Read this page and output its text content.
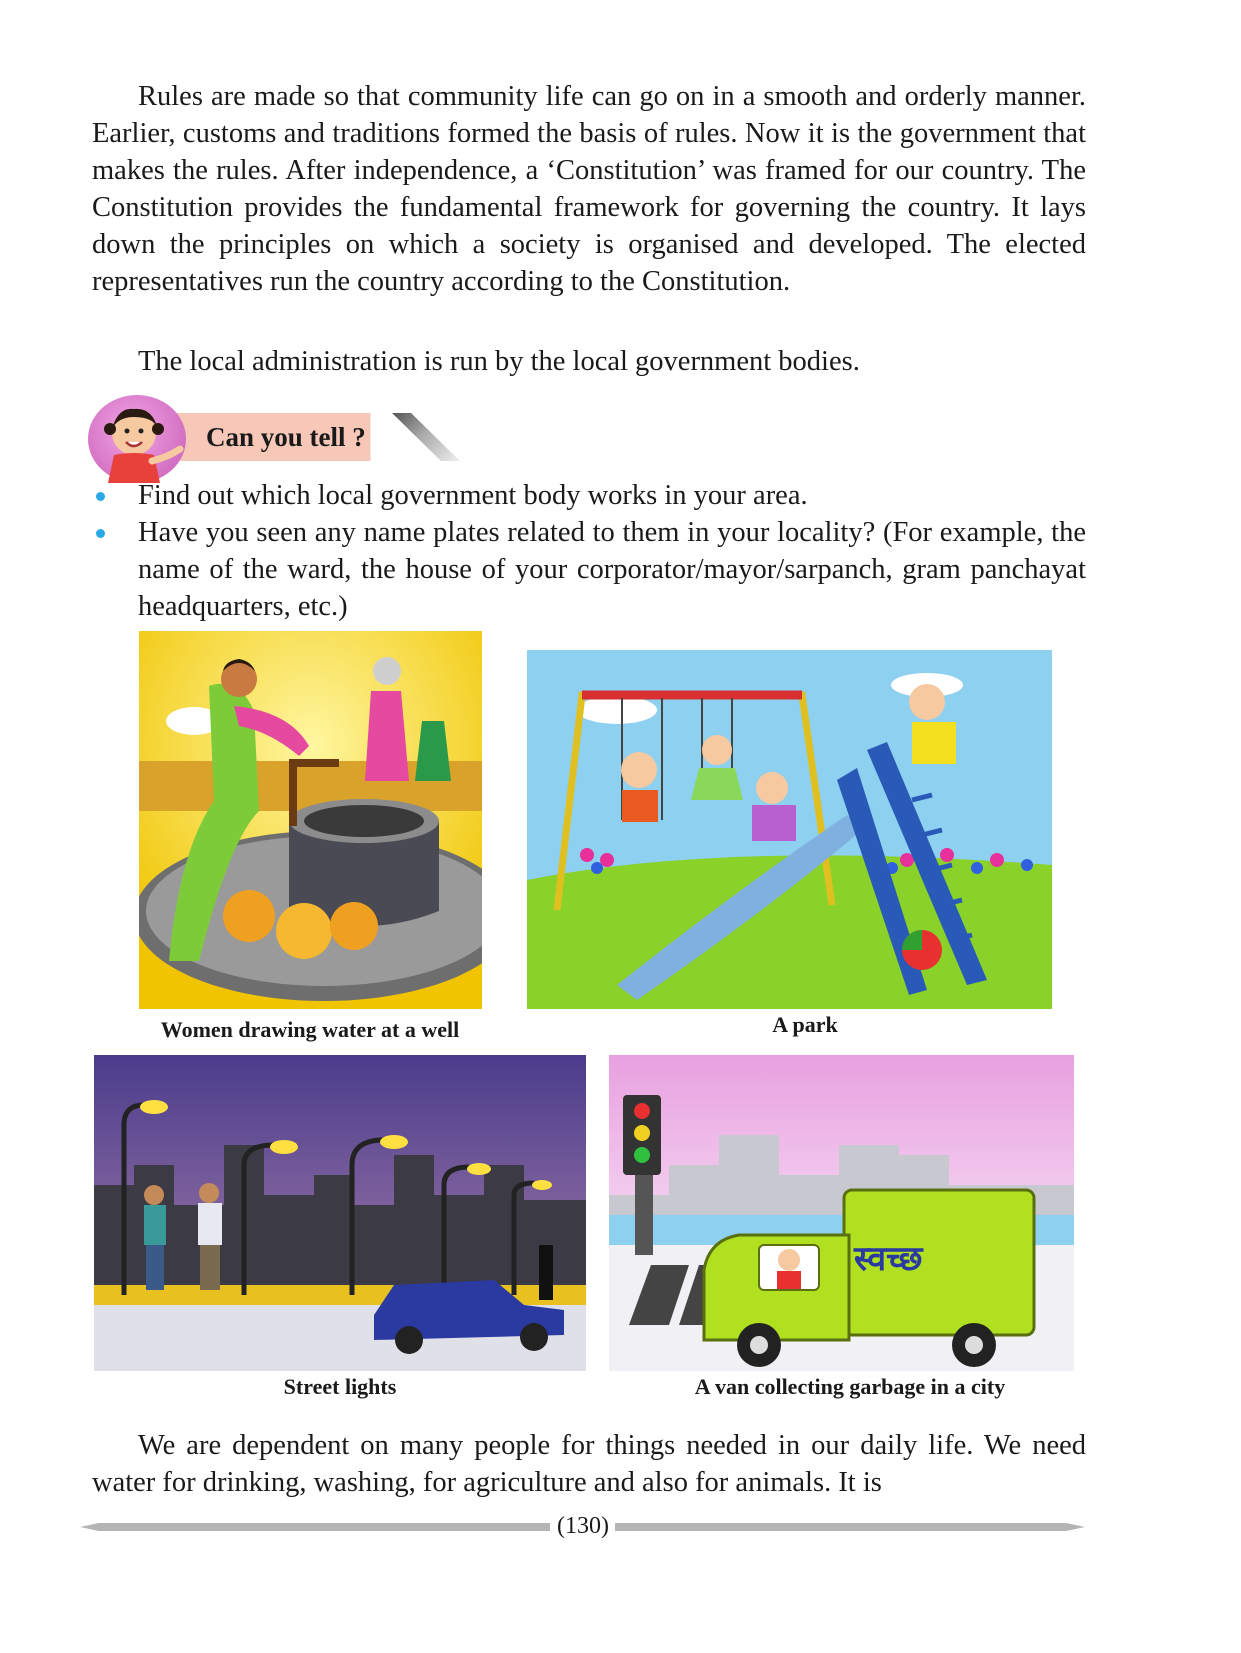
Rules are made so that community life can go on in a smooth and orderly manner. Earlier, customs and traditions formed the basis of rules. Now it is the government that makes the rules. After independence, a ‘Constitution’ was framed for our country. The Constitution provides the fundamental framework for governing the country. It lays down the principles on which a society is organised and developed. The elected representatives run the country according to the Constitution.

The local administration is run by the local government bodies.

Can you tell ?
Find out which local government body works in your area.
Have you seen any name plates related to them in your locality? (For example, the name of the ward, the house of your corporator/mayor/sarpanch, gram panchayat headquarters, etc.)
Women drawing water at a well	A park
Street lights
स्वच्छ
A van collecting garbage in a city

We are dependent on many people for things needed in our daily life. We need water for drinking, washing, for agriculture and also for animals. It is

(130)
